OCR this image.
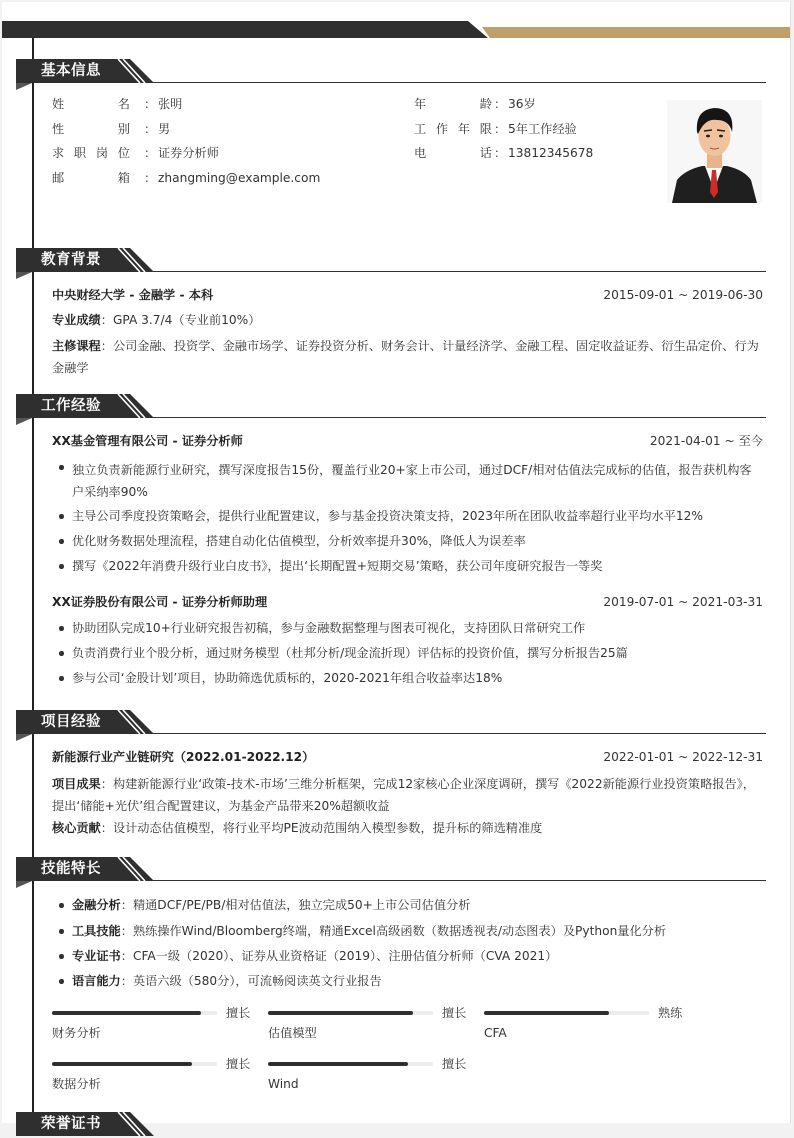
基本信息
姓名 ： 张明
性别 ： 男
求职岗位 ： 证券分析师
邮箱 ： zhangming@example.com
年龄 ： 36岁
工作年限 ： 5年工作经验
电话 ： 13812345678
教育背景
中央财经大学 - 金融学 - 本科	2015-09-01 ~ 2019-06-30
专业成绩：GPA 3.7/4（专业前10%）
主修课程：公司金融、投资学、金融市场学、证券投资分析、财务会计、计量经济学、金融工程、固定收益证券、衍生品定价、行为金融学
工作经验
XX基金管理有限公司 - 证券分析师	2021-04-01 ~ 至今
独立负责新能源行业研究，撰写深度报告15份，覆盖行业20+家上市公司，通过DCF/相对估值法完成标的估值，报告获机构客户采纳率90%
主导公司季度投资策略会，提供行业配置建议，参与基金投资决策支持，2023年所在团队收益率超行业平均水平12%
优化财务数据处理流程，搭建自动化估值模型，分析效率提升30%，降低人为误差率
撰写《2022年消费升级行业白皮书》，提出‘长期配置+短期交易’策略，获公司年度研究报告一等奖
XX证券股份有限公司 - 证券分析师助理	2019-07-01 ~ 2021-03-31
协助团队完成10+行业研究报告初稿，参与金融数据整理与图表可视化，支持团队日常研究工作
负责消费行业个股分析，通过财务模型（杜邦分析/现金流折现）评估标的投资价值，撰写分析报告25篇
参与公司‘金股计划’项目，协助筛选优质标的，2020-2021年组合收益率达18%
项目经验
新能源行业产业链研究（2022.01-2022.12）	2022-01-01 ~ 2022-12-31
项目成果：构建新能源行业‘政策-技术-市场’三维分析框架，完成12家核心企业深度调研，撰写《2022新能源行业投资策略报告》，提出‘储能+光伏’组合配置建议，为基金产品带来20%超额收益
核心贡献：设计动态估值模型，将行业平均PE波动范围纳入模型参数，提升标的筛选精准度
技能特长
金融分析：精通DCF/PE/PB/相对估值法，独立完成50+上市公司估值分析
工具技能：熟练操作Wind/Bloomberg终端，精通Excel高级函数（数据透视表/动态图表）及Python量化分析
专业证书：CFA一级（2020）、证券从业资格证（2019）、注册估值分析师（CVA 2021）
语言能力：英语六级（580分），可流畅阅读英文行业报告
擅长
财务分析
擅长
估值模型
熟练
CFA
擅长
数据分析
擅长
Wind
荣誉证书
